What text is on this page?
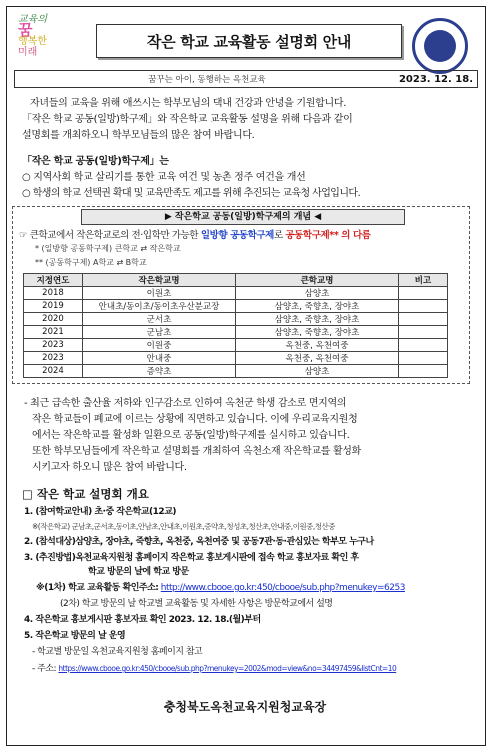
교육의
꿈
행복한
미래
작은 학교 교육활동 설명회 안내
꿈꾸는 아이, 동행하는 옥천교육	2023. 12. 18.
자녀들의 교육을 위해 애쓰시는 학부모님의 댁내 건강과 안녕을 기원합니다.
「작은 학교 공동(일방)학구제」와 작은학교 교육활동 설명을 위해 다음과 같이
설명회를 개최하오니 학부모님들의 많은 참여 바랍니다.
「작은 학교 공동(일방)학구제」는
○ 지역사회 학교 살리기를 통한 교육 여건 및 농촌 정주 여건을 개선
○ 학생의 학교 선택권 확대 및 교육만족도 제고를 위해 추진되는 교육청 사업입니다.
▶ 작은학교 공동(일방)학구제의 개념 ◀
☞ 큰학교에서 작은학교로의 전·입학만 가능한 일방향 공동학구제로 공동학구제** 의 다름
* (일방향 공동학구제) 큰학교 ⇄ 작은학교
** (공동학구제) A학교 ⇄ B학교
지정연도	작은학교명	큰학교명	비고
2018	이원초	삼양초	
2019	안내초/동이초/동이초우산분교장	삼양초, 죽향초, 장야초	
2020	군서초	삼양초, 죽향초, 장야초	
2021	군남초	삼양초, 죽향초, 장야초	
2023	이원중	옥천중, 옥천여중	
2023	안내중	옥천중, 옥천여중	
2024	증약초	삼양초	
- 최근 급속한 출산율 저하와 인구감소로 인하여 옥천군 학생 감소로 면지역의
작은 학교들이 폐교에 이르는 상황에 직면하고 있습니다. 이에 우리교육지원청
에서는 작은학교를 활성화 일환으로 공동(일방)학구제를 실시하고 있습니다.
또한 학부모님들에게 작은학교 설명회를 개최하여 옥천소재 작은학교를 활성화
시키고자 하오니 많은 참여 바랍니다.
□ 작은 학교 설명회 개요
1. (참여학교안내) 초·중 작은학교(12교)
※(작은학교) 군남초,군서초,동이초,안남초,안내초,이원초,증약초,청성초,청산초,안내중,이원중,청산중
2. (참석대상)삼양초, 장야초, 죽향초, 옥천중, 옥천여중 및 공동7관·동·관심있는 학부모 누구나
3. (추진방법)옥천교육지원청 홈페이지 작은학교 홍보게시판에 접속 학교 홍보자료 확인 후
학교 방문의 날에 학교 방문
※(1차) 학교 교육활동 확인주소: http://www.cbooe.go.kr:450/cbooe/sub.php?menukey=6253
(2차) 학교 방문의 날 학교별 교육활동 및 자세한 사항은 방문학교에서 설명
4. 작은학교 홍보게시판 홍보자료 확인 2023. 12. 18.(월)부터
5. 작은학교 방문의 날 운영
- 학교별 방문일 옥천교육지원청 홈페이지 참고
- 주소: https://www.cbooe.go.kr:450/cbooe/sub.php?menukey=2002&mod=view&no=34497459&listCnt=10
충청북도옥천교육지원청교육장
